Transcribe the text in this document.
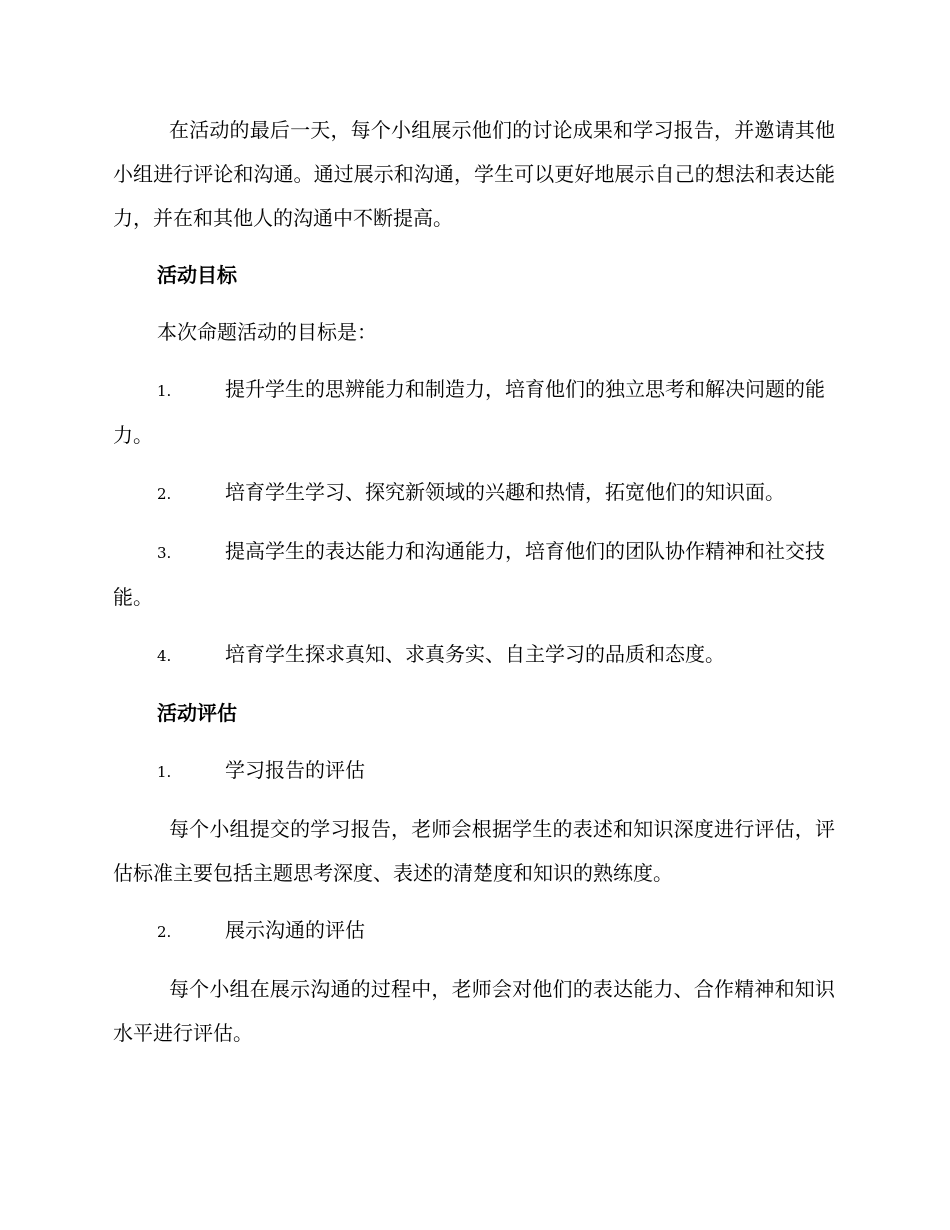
在活动的最后一天，每个小组展示他们的讨论成果和学习报告，并邀请其他小组进行评论和沟通。通过展示和沟通，学生可以更好地展示自己的想法和表达能力，并在和其他人的沟通中不断提高。

活动目标
本次命题活动的目标是：
1.	提升学生的思辨能力和制造力，培育他们的独立思考和解决问题的能力。
2.	培育学生学习、探究新领域的兴趣和热情，拓宽他们的知识面。
3.	提高学生的表达能力和沟通能力，培育他们的团队协作精神和社交技能。
4.	培育学生探求真知、求真务实、自主学习的品质和态度。
活动评估
1.	学习报告的评估

每个小组提交的学习报告，老师会根据学生的表述和知识深度进行评估，评估标准主要包括主题思考深度、表述的清楚度和知识的熟练度。

2.	展示沟通的评估

每个小组在展示沟通的过程中，老师会对他们的表达能力、合作精神和知识水平进行评估。
